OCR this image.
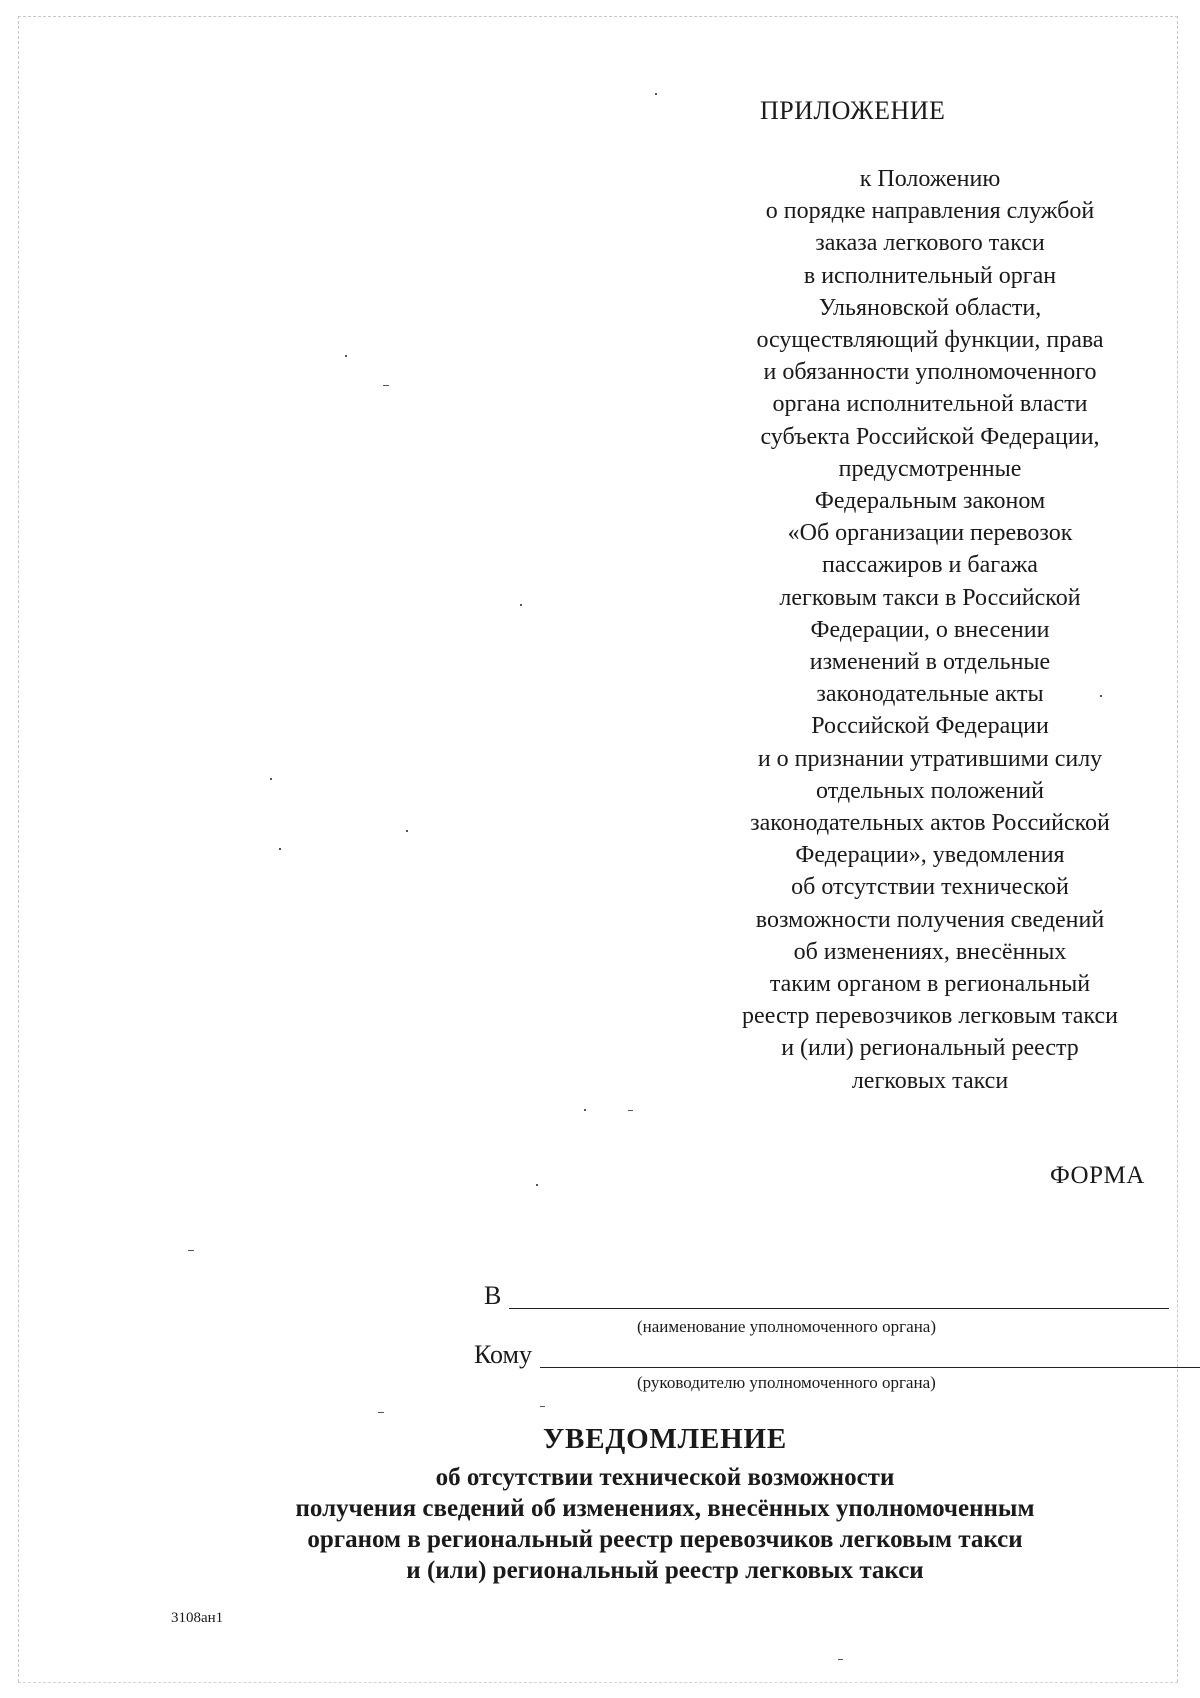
ПРИЛОЖЕНИЕ
к Положению
о порядке направления службой
заказа легкового такси
в исполнительный орган
Ульяновской области,
осуществляющий функции, права
и обязанности уполномоченного
органа исполнительной власти
субъекта Российской Федерации,
предусмотренные
Федеральным законом
«Об организации перевозок
пассажиров и багажа
легковым такси в Российской
Федерации, о внесении
изменений в отдельные
законодательные акты
Российской Федерации
и о признании утратившими силу
отдельных положений
законодательных актов Российской
Федерации», уведомления
об отсутствии технической
возможности получения сведений
об изменениях, внесённых
таким органом в региональный
реестр перевозчиков легковым такси
и (или) региональный реестр
легковых такси
ФОРМА
В
(наименование уполномоченного органа)
Кому
(руководителю уполномоченного органа)
УВЕДОМЛЕНИЕ
об отсутствии технической возможности
получения сведений об изменениях, внесённых уполномоченным
органом в региональный реестр перевозчиков легковым такси
и (или) региональный реестр легковых такси
3108ан1
